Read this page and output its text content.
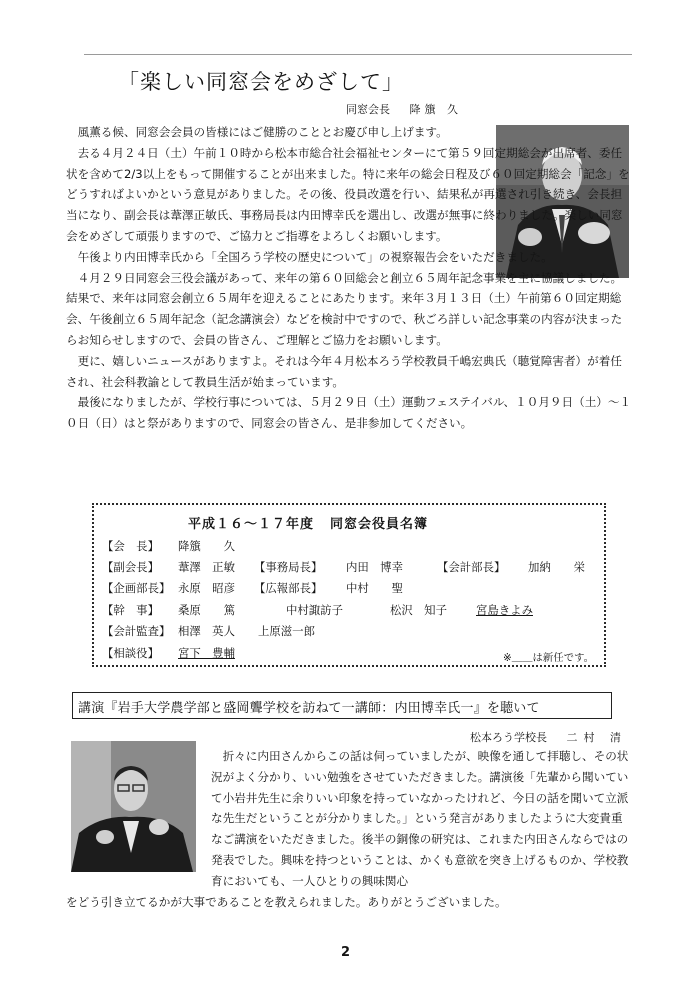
「楽しい同窓会をめざして」
同窓会長 降籏 久

風薫る候、同窓会会員の皆様にはご健勝のこととお慶び申し上げます。

去る４月２４日（土）午前１０時から松本市総合社会福祉センターにて第５９回定期総会が出席者、委任状を含めて2/3以上をもって開催することが出来ました。特に来年の総会日程及び６０回定期総会「記念」をどうすればよいかという意見がありました。その後、役員改選を行い、結果私が再選され引き続き、会長担当になり、副会長は葦澤正敏氏、事務局長は内田博幸氏を選出し、改選が無事に終わりました。楽しい同窓会をめざして頑張りますので、ご協力とご指導をよろしくお願いします。

午後より内田博幸氏から「全国ろう学校の歴史について」の視察報告会をいただきました。

４月２９日同窓会三役会議があって、来年の第６０回総会と創立６５周年記念事業を主に協議しました。結果で、来年は同窓会創立６５周年を迎えることにあたります。来年３月１３日（土）午前第６０回定期総会、午後創立６５周年記念（記念講演会）などを検討中ですので、秋ごろ詳しい記念事業の内容が決まったらお知らせしますので、会員の皆さん、ご理解とご協力をお願いします。

更に、嬉しいニュースがありますよ。それは今年４月松本ろう学校教員千嶋宏典氏（聴覚障害者）が着任され、社会科教諭として教員生活が始まっています。

最後になりましたが、学校行事については、５月２９日（土）運動フェステイバル、１０月９日（土）～１０日（日）はと祭がありますので、同窓会の皆さん、是非参加してください。

平成１６～１７年度 同窓会役員名簿
【会　長】 降籏　　久
【副会長】 葦澤　正敏 【事務局長】 内田　博幸	【会計部長】 加納　　栄
【企画部長】 永原　昭彦 【広報部長】 中村　　聖
【幹　事】 桑原　　篤	中村諏訪子	松沢　知子	宮島きよみ
【会計監査】 相澤　英人 上原滋一郎
【相談役】 宮下　豊輔	※＿＿は新任です。
講演『岩手大学農学部と盛岡聾学校を訪ねて一講師：内田博幸氏一』を聴いて
松本ろう学校長 二村 清

折々に内田さんからこの話は伺っていましたが、映像を通して拝聴し、その状況がよく分かり、いい勉強をさせていただきました。講演後「先輩から聞いていて小岩井先生に余りいい印象を持っていなかったけれど、今日の話を聞いて立派な先生だということが分かりました。」という発言がありましたように大変貴重なご講演をいただきました。後半の銅像の研究は、これまた内田さんならではの発表でした。興味を持つということは、かくも意欲を突き上げるものか、学校教育においても、一人ひとりの興味関心

をどう引き立てるかが大事であることを教えられました。ありがとうございました。

2
